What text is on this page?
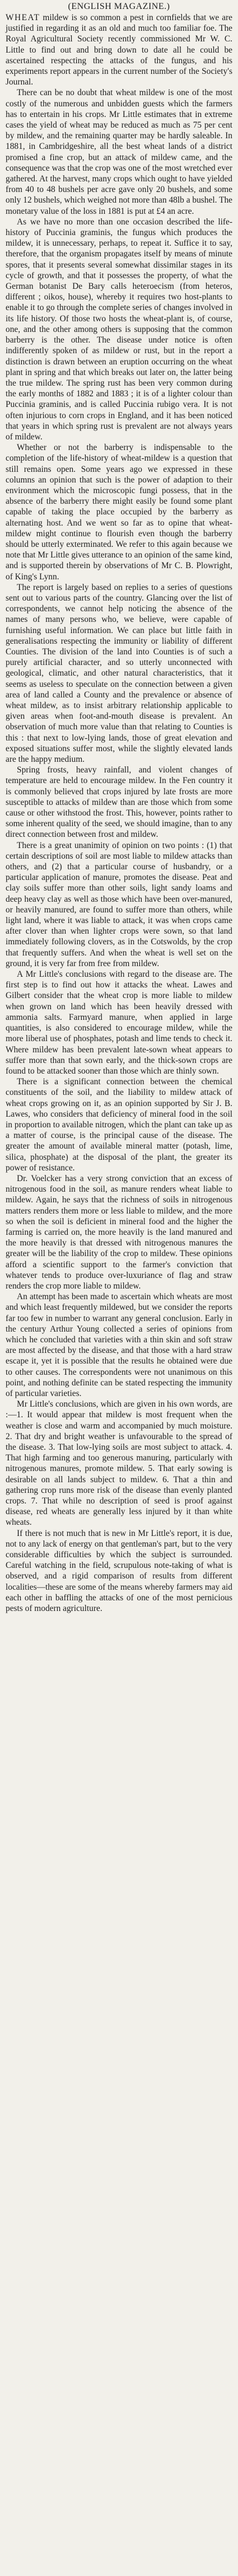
(ENGLISH MAGAZINE.)

WHEAT mildew is so common a pest in cornfields that we are justified in regarding it as an old and much too familiar foe. The Royal Agricultural Society recently commissioned Mr W. C. Little to find out and bring down to date all he could be ascertained respecting the attacks of the fungus, and his experiments report appears in the current number of the Society's Journal.

There can be no doubt that wheat mildew is one of the most costly of the numerous and unbidden guests which the farmers has to entertain in his crops. Mr Little estimates that in extreme cases the yield of wheat may be reduced as much as 75 per cent by mildew, and the remaining quarter may be hardly saleable. In 1881, in Cambridgeshire, all the best wheat lands of a district promised a fine crop, but an attack of mildew came, and the consequence was that the crop was one of the most wretched ever gathered. At the harvest, many crops which ought to have yielded from 40 to 48 bushels per acre gave only 20 bushels, and some only 12 bushels, which weighed not more than 48lb a bushel. The monetary value of the loss in 1881 is put at £4 an acre.

As we have no more than one occasion described the life-history of Puccinia graminis, the fungus which produces the mildew, it is unnecessary, perhaps, to repeat it. Suffice it to say, therefore, that the organism propagates itself by means of minute spores, that it presents several somewhat dissimilar stages in its cycle of growth, and that it possesses the property, of what the German botanist De Bary calls heteroecism (from heteros, different ; oikos, house), whereby it requires two host-plants to enable it to go through the complete series of changes involved in its life history. Of those two hosts the wheat-plant is, of course, one, and the other among others is supposing that the common barberry is the other. The disease under notice is often indifferently spoken of as mildew or rust, but in the report a distinction is drawn between an eruption occurring on the wheat plant in spring and that which breaks out later on, the latter being the true mildew. The spring rust has been very common during the early months of 1882 and 1883 ; it is of a lighter colour than Puccinia graminis, and is called Puccinia rubigo vera. It is not often injurious to corn crops in England, and it has been noticed that years in which spring rust is prevalent are not always years of mildew.

Whether or not the barberry is indispensable to the completion of the life-history of wheat-mildew is a question that still remains open. Some years ago we expressed in these columns an opinion that such is the power of adaption to their environment which the microscopic fungi possess, that in the absence of the barberry there might easily be found some plant capable of taking the place occupied by the barberry as alternating host. And we went so far as to opine that wheat-mildew might continue to flourish even though the barberry should be utterly exterminated. We refer to this again because we note that Mr Little gives utterance to an opinion of the same kind, and is supported therein by observations of Mr C. B. Plowright, of King's Lynn.

The report is largely based on replies to a series of questions sent out to various parts of the country. Glancing over the list of correspondents, we cannot help noticing the absence of the names of many persons who, we believe, were capable of furnishing useful information. We can place but little faith in generalisations respecting the immunity or liability of different Counties. The division of the land into Counties is of such a purely artificial character, and so utterly unconnected with geological, climatic, and other natural characteristics, that it seems as useless to speculate on the connection between a given area of land called a County and the prevalence or absence of wheat mildew, as to insist arbitrary relationship applicable to given areas when foot-and-mouth disease is prevalent. An observation of much more value than that relating to Counties is this : that next to low-lying lands, those of great elevation and exposed situations suffer most, while the slightly elevated lands are the happy medium.

Spring frosts, heavy rainfall, and violent changes of temperature are held to encourage mildew. In the Fen country it is commonly believed that crops injured by late frosts are more susceptible to attacks of mildew than are those which from some cause or other withstood the frost. This, however, points rather to some inherent quality of the seed, we should imagine, than to any direct connection between frost and mildew.

There is a great unanimity of opinion on two points : (1) that certain descriptions of soil are most liable to mildew attacks than others, and (2) that a particular course of husbandry, or a particular application of manure, promotes the disease. Peat and clay soils suffer more than other soils, light sandy loams and deep heavy clay as well as those which have been over-manured, or heavily manured, are found to suffer more than others, while light land, where it was liable to attack, it was when crops came after clover than when lighter crops were sown, so that land immediately following clovers, as in the Cotswolds, by the crop that frequently suffers. And when the wheat is well set on the ground, it is very far from free from mildew.

A Mr Little's conclusions with regard to the disease are. The first step is to find out how it attacks the wheat. Lawes and Gilbert consider that the wheat crop is more liable to mildew when grown on land which has been heavily dressed with ammonia salts. Farmyard manure, when applied in large quantities, is also considered to encourage mildew, while the more liberal use of phosphates, potash and lime tends to check it. Where mildew has been prevalent late-sown wheat appears to suffer more than that sown early, and the thick-sown crops are found to be attacked sooner than those which are thinly sown.

There is a significant connection between the chemical constituents of the soil, and the liability to mildew attack of wheat crops growing on it, as an opinion supported by Sir J. B. Lawes, who considers that deficiency of mineral food in the soil in proportion to available nitrogen, which the plant can take up as a matter of course, is the principal cause of the disease. The greater the amount of available mineral matter (potash, lime, silica, phosphate) at the disposal of the plant, the greater its power of resistance.

Dr. Voelcker has a very strong conviction that an excess of nitrogenous food in the soil, as manure renders wheat liable to mildew. Again, he says that the richness of soils in nitrogenous matters renders them more or less liable to mildew, and the more so when the soil is deficient in mineral food and the higher the farming is carried on, the more heavily is the land manured and the more heavily is that dressed with nitrogenous manures the greater will be the liability of the crop to mildew. These opinions afford a scientific support to the farmer's conviction that whatever tends to produce over-luxuriance of flag and straw renders the crop more liable to mildew.

An attempt has been made to ascertain which wheats are most and which least frequently mildewed, but we consider the reports far too few in number to warrant any general conclusion. Early in the century Arthur Young collected a series of opinions from which he concluded that varieties with a thin skin and soft straw are most affected by the disease, and that those with a hard straw escape it, yet it is possible that the results he obtained were due to other causes. The correspondents were not unanimous on this point, and nothing definite can be stated respecting the immunity of particular varieties.

Mr Little's conclusions, which are given in his own words, are :—1. It would appear that mildew is most frequent when the weather is close and warm and accompanied by much moisture. 2. That dry and bright weather is unfavourable to the spread of the disease. 3. That low-lying soils are most subject to attack. 4. That high farming and too generous manuring, particularly with nitrogenous manures, promote mildew. 5. That early sowing is desirable on all lands subject to mildew. 6. That a thin and gathering crop runs more risk of the disease than evenly planted crops. 7. That while no description of seed is proof against disease, red wheats are generally less injured by it than white wheats.

If there is not much that is new in Mr Little's report, it is due, not to any lack of energy on that gentleman's part, but to the very considerable difficulties by which the subject is surrounded. Careful watching in the field, scrupulous note-taking of what is observed, and a rigid comparison of results from different localities—these are some of the means whereby farmers may aid each other in baffling the attacks of one of the most pernicious pests of modern agriculture.
